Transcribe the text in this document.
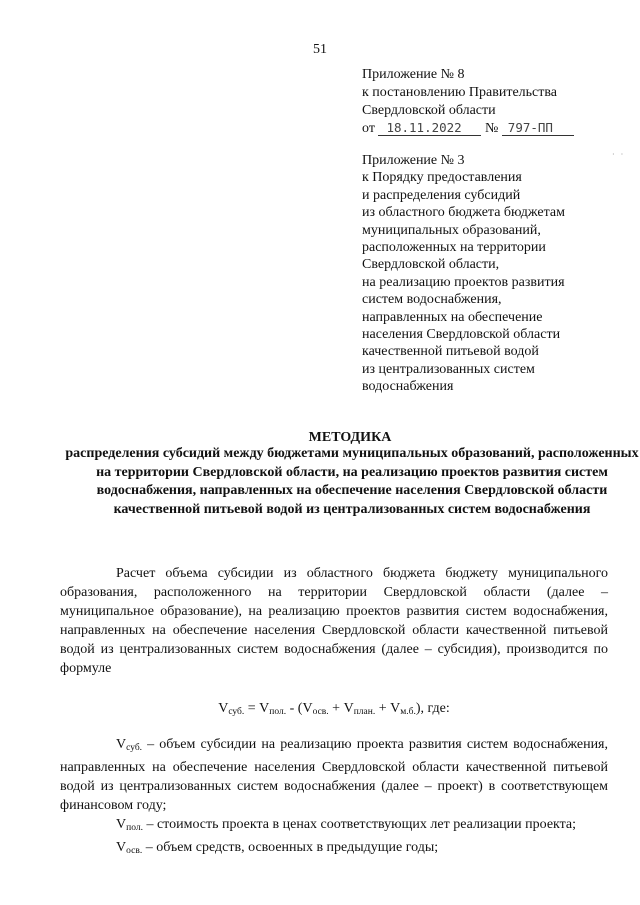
51
· ·
Приложение № 8
к постановлению Правительства
Свердловской области
от 18.11.2022 № 797-ПП
Приложение № 3
к Порядку предоставления
и распределения субсидий
из областного бюджета бюджетам
муниципальных образований,
расположенных на территории
Свердловской области,
на реализацию проектов развития
систем водоснабжения,
направленных на обеспечение
населения Свердловской области
качественной питьевой водой
из централизованных систем
водоснабжения
МЕТОДИКА
распределения субсидий между бюджетами муниципальных образований, расположенных на территории Свердловской области, на реализацию проектов развития систем водоснабжения, направленных на обеспечение населения Свердловской области качественной питьевой водой из централизованных систем водоснабжения
Расчет объема субсидии из областного бюджета бюджету муниципального образования, расположенного на территории Свердловской области (далее – муниципальное образование), на реализацию проектов развития систем водоснабжения, направленных на обеспечение населения Свердловской области качественной питьевой водой из централизованных систем водоснабжения (далее – субсидия), производится по формуле
$V_{суб.} = V_{пол.} - (V_{осв.} + V_{план.} + V_{м.б.})$, где:
$V_{суб.}$ – объем субсидии на реализацию проекта развития систем водоснабжения, направленных на обеспечение населения Свердловской области качественной питьевой водой из централизованных систем водоснабжения (далее – проект) в соответствующем финансовом году;
$V_{пол.}$ – стоимость проекта в ценах соответствующих лет реализации проекта;
$V_{осв.}$ – объем средств, освоенных в предыдущие годы;
